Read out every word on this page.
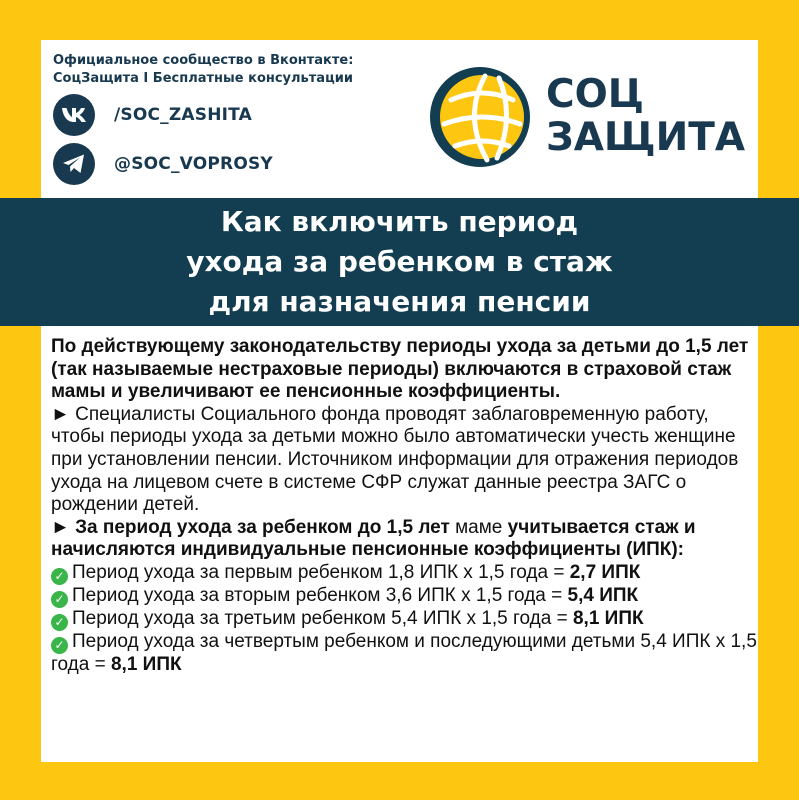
Официальное сообщество в Вконтакте:
СоцЗащита I Бесплатные консультации
/SOC_ZASHITA
@SOC_VOPROSY
СОЦ
ЗАЩИТА
Как включить период
ухода за ребенком в стаж
для назначения пенсии

По действующему законодательству периоды ухода за детьми до 1,5 лет (так называемые нестраховые периоды) включаются в страховой стаж мамы и увеличивают ее пенсионные коэффициенты.

► Специалисты Социального фонда проводят заблаговременную работу, чтобы периоды ухода за детьми можно было автоматически учесть женщине при установлении пенсии. Источником информации для отражения периодов ухода на лицевом счете в системе СФР служат данные реестра ЗАГС о рождении детей.

► За период ухода за ребенком до 1,5 лет маме учитывается стаж и начисляются индивидуальные пенсионные коэффициенты (ИПК):

✓ Период ухода за первым ребенком 1,8 ИПК x 1,5 года = 2,7 ИПК

✓ Период ухода за вторым ребенком 3,6 ИПК x 1,5 года = 5,4 ИПК

✓ Период ухода за третьим ребенком 5,4 ИПК x 1,5 года = 8,1 ИПК

✓ Период ухода за четвертым ребенком и последующими детьми 5,4 ИПК x 1,5 года = 8,1 ИПК
